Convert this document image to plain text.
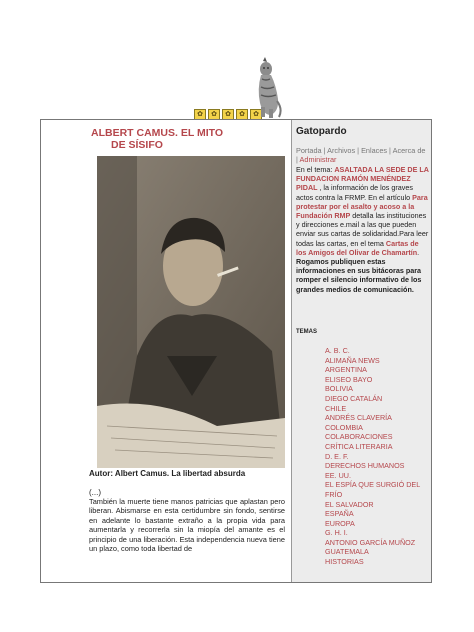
✿	✿	✿	✿	✿
ALBERT CAMUS. EL MITO
DE SÍSIFO
Autor: Albert Camus. La libertad absurda
(...)
También la muerte tiene manos patricias que aplastan pero liberan. Abismarse en esta certidumbre sin fondo, sentirse en adelante lo bastante extraño a la propia vida para aumentarla y recorrerla sin la miopía del amante es el principio de una liberación. Esta independencia nueva tiene un plazo, como toda libertad de
Gatopardo
Portada | Archivos | Enlaces | Acerca de | Administrar
En el tema: ASALTADA LA SEDE DE LA FUNDACION RAMÓN MENÉNDEZ PIDAL , la información de los graves actos contra la FRMP. En el artículo Para protestar por el asalto y acoso a la Fundación RMP detalla las instituciones y direcciones e.mail a las que pueden enviar sus cartas de solidaridad.Para leer todas las cartas, en el tema Cartas de los Amigos del Olivar de Chamartín. Rogamos publiquen estas informaciones en sus bitácoras para romper el silencio informativo de los grandes medios de comunicación.
TEMAS
A. B. C.
ALIMAÑA NEWS
ARGENTINA
ELISEO BAYO
BOLIVIA
DIEGO CATALÁN
CHILE
ANDRÉS CLAVERÍA
COLOMBIA
COLABORACIONES
CRÍTICA LITERARIA
D. E. F.
DERECHOS HUMANOS
EE. UU.
EL ESPÍA QUE SURGIÓ DEL FRÍO
EL SALVADOR
ESPAÑA
EUROPA
G. H. I.
ANTONIO GARCÍA MUÑOZ
GUATEMALA
HISTORIAS
